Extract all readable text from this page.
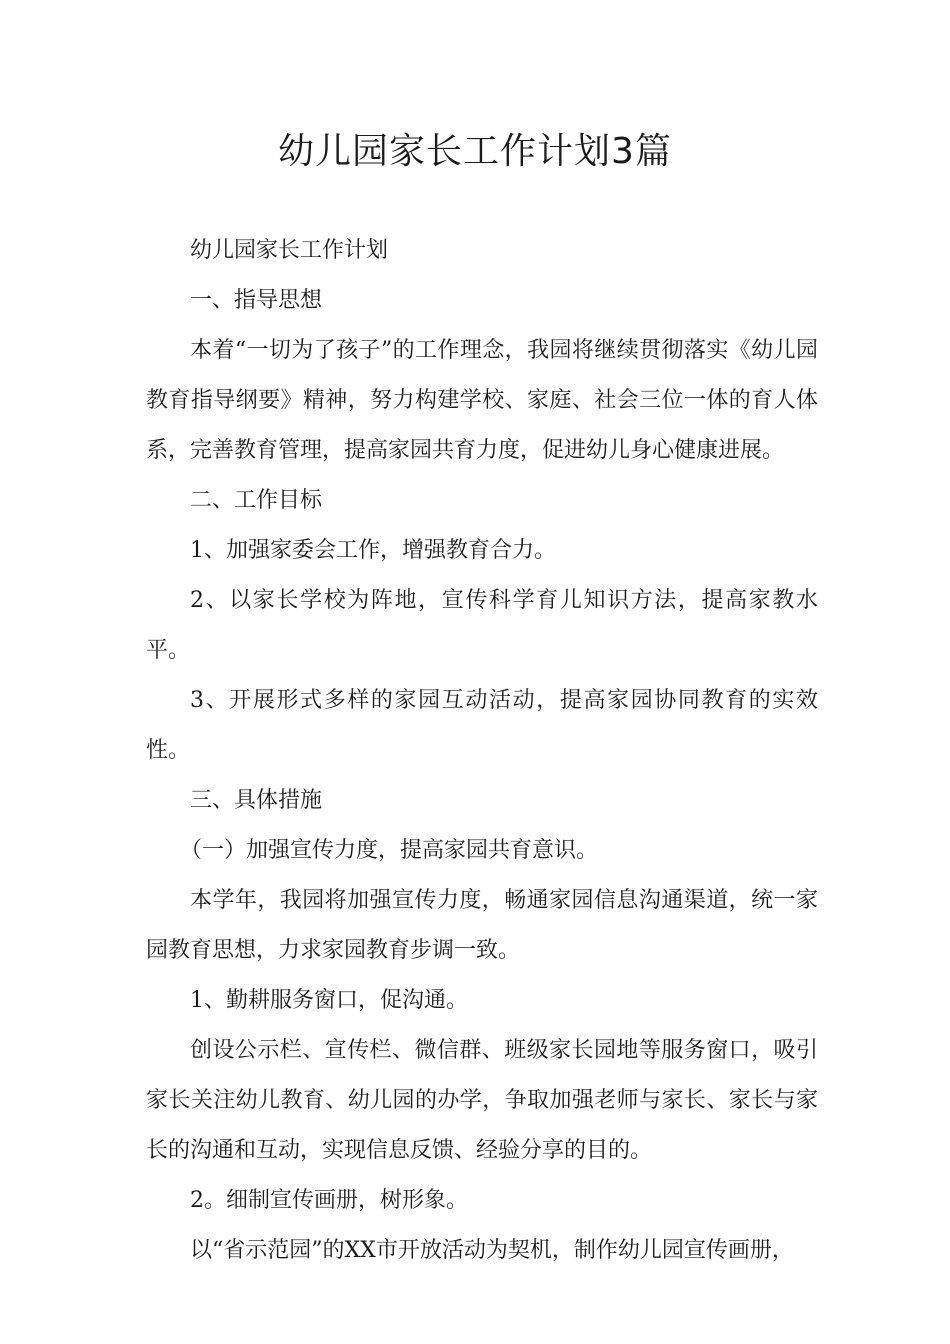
幼儿园家长工作计划3篇

幼儿园家长工作计划

一、指导思想

本着“一切为了孩子”的工作理念，我园将继续贯彻落实《幼儿园教育指导纲要》精神，努力构建学校、家庭、社会三位一体的育人体系，完善教育管理，提高家园共育力度，促进幼儿身心健康进展。

二、工作目标

1、加强家委会工作，增强教育合力。

2、以家长学校为阵地，宣传科学育儿知识方法，提高家教水平。

3、开展形式多样的家园互动活动，提高家园协同教育的实效性。

三、具体措施

（一）加强宣传力度，提高家园共育意识。

本学年，我园将加强宣传力度，畅通家园信息沟通渠道，统一家园教育思想，力求家园教育步调一致。

1、勤耕服务窗口，促沟通。

创设公示栏、宣传栏、微信群、班级家长园地等服务窗口，吸引家长关注幼儿教育、幼儿园的办学，争取加强老师与家长、家长与家长的沟通和互动，实现信息反馈、经验分享的目的。

2。细制宣传画册，树形象。

以“省示范园”的XX市开放活动为契机，制作幼儿园宣传画册，
